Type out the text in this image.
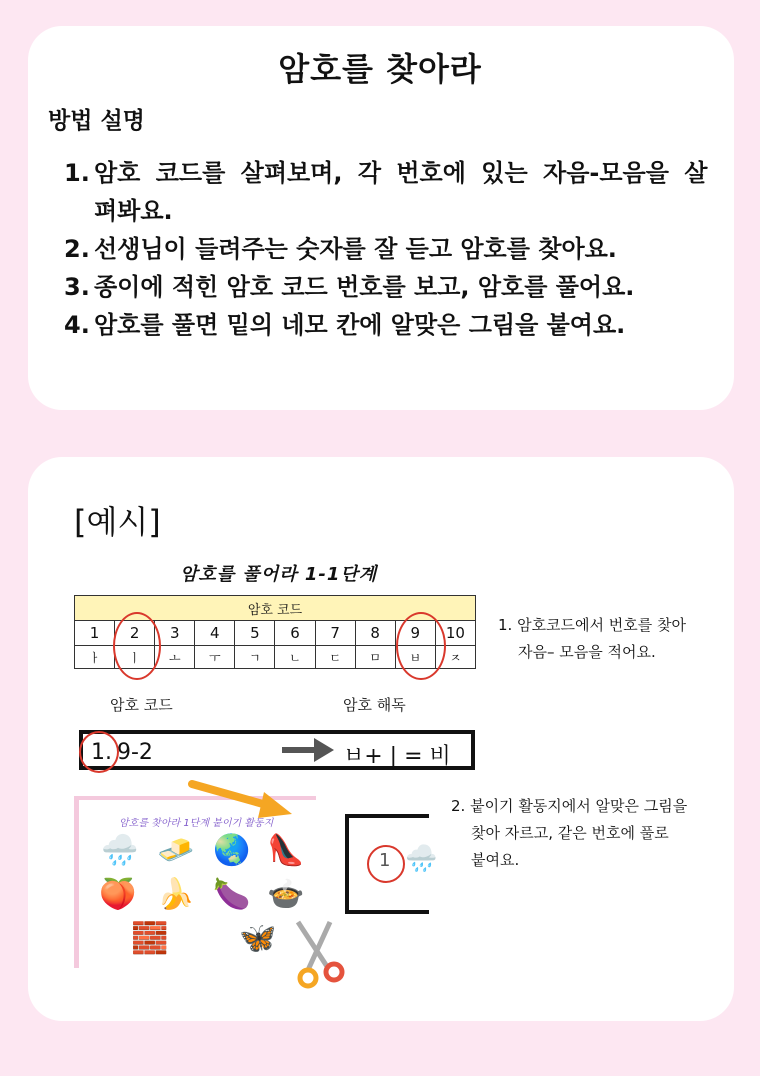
암호를 찾아라
방법 설명
1. 암호 코드를 살펴보며, 각 번호에 있는 자음-모음을 살펴봐요.
2. 선생님이 들려주는 숫자를 잘 듣고 암호를 찾아요.
3. 종이에 적힌 암호 코드 번호를 보고, 암호를 풀어요.
4. 암호를 풀면 밑의 네모 칸에 알맞은 그림을 붙여요.
[예시]
암호를 풀어라 1-1단계
암호 코드									
1	2	3	4	5	6	7	8	9	10
ㅏ	ㅣ	ㅗ	ㅜ	ㄱ	ㄴ	ㄷ	ㅁ	ㅂ	ㅈ
1. 암호코드에서 번호를 찾아
자음– 모음을 적어요.
암호 코드	암호 해독
1. 9-2	ㅂ+ | = 비
암호를 찾아라 1단계 붙이기 활동지
🌧️ 🧈 🌏 👠
🍑 🍌 🍆 🍲
🧱 🦋
1 🌧️
2. 붙이기 활동지에서 알맞은 그림을
찾아 자르고, 같은 번호에 풀로
붙여요.
